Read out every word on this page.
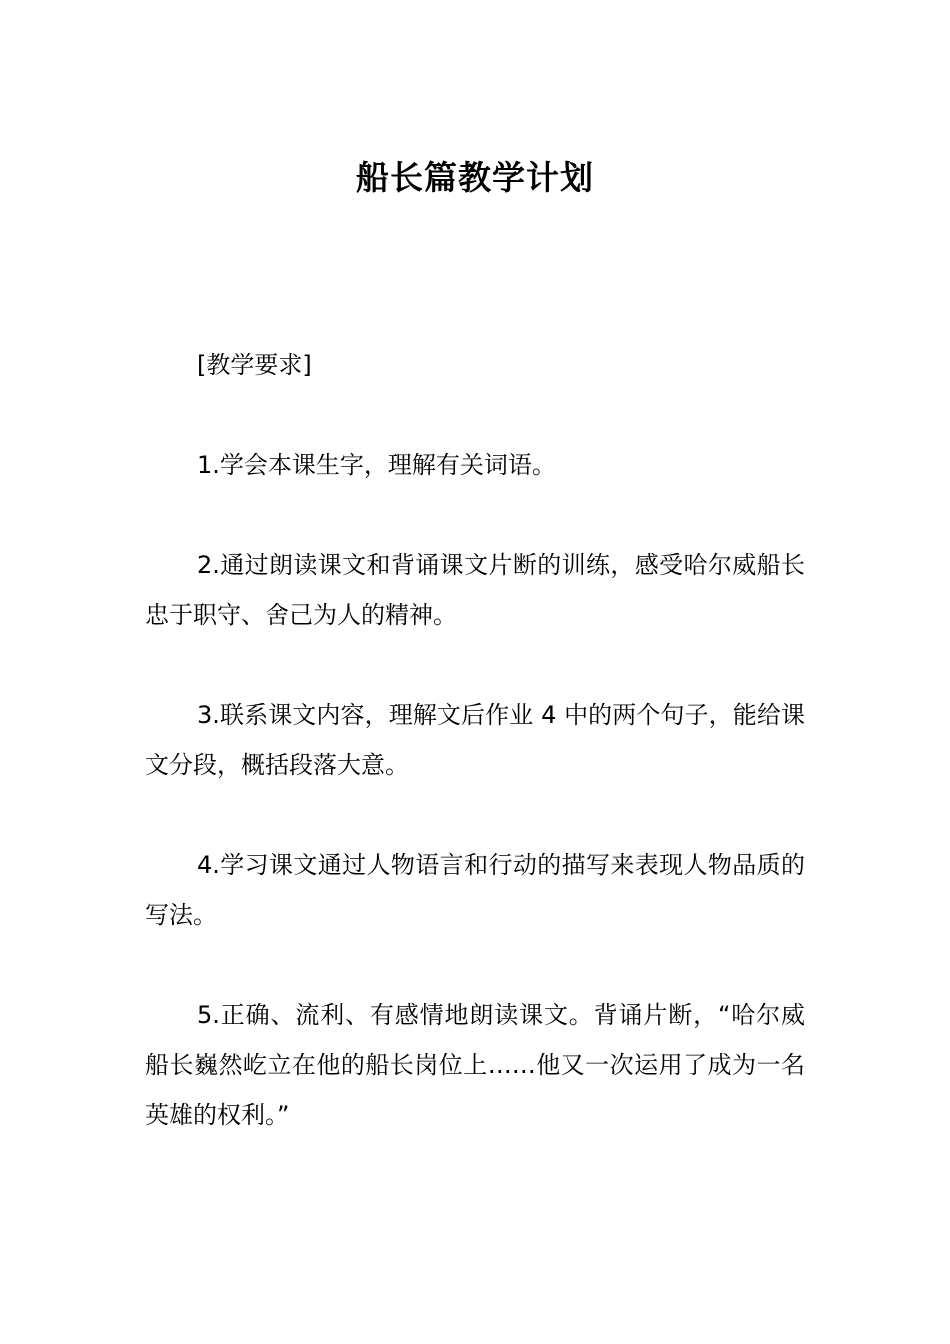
船长篇教学计划

[教学要求]

1.学会本课生字，理解有关词语。

2.通过朗读课文和背诵课文片断的训练，感受哈尔威船长忠于职守、舍己为人的精神。

3.联系课文内容，理解文后作业 4 中的两个句子，能给课文分段，概括段落大意。

4.学习课文通过人物语言和行动的描写来表现人物品质的写法。

5.正确、流利、有感情地朗读课文。背诵片断，“哈尔威船长巍然屹立在他的船长岗位上……他又一次运用了成为一名英雄的权利。”
